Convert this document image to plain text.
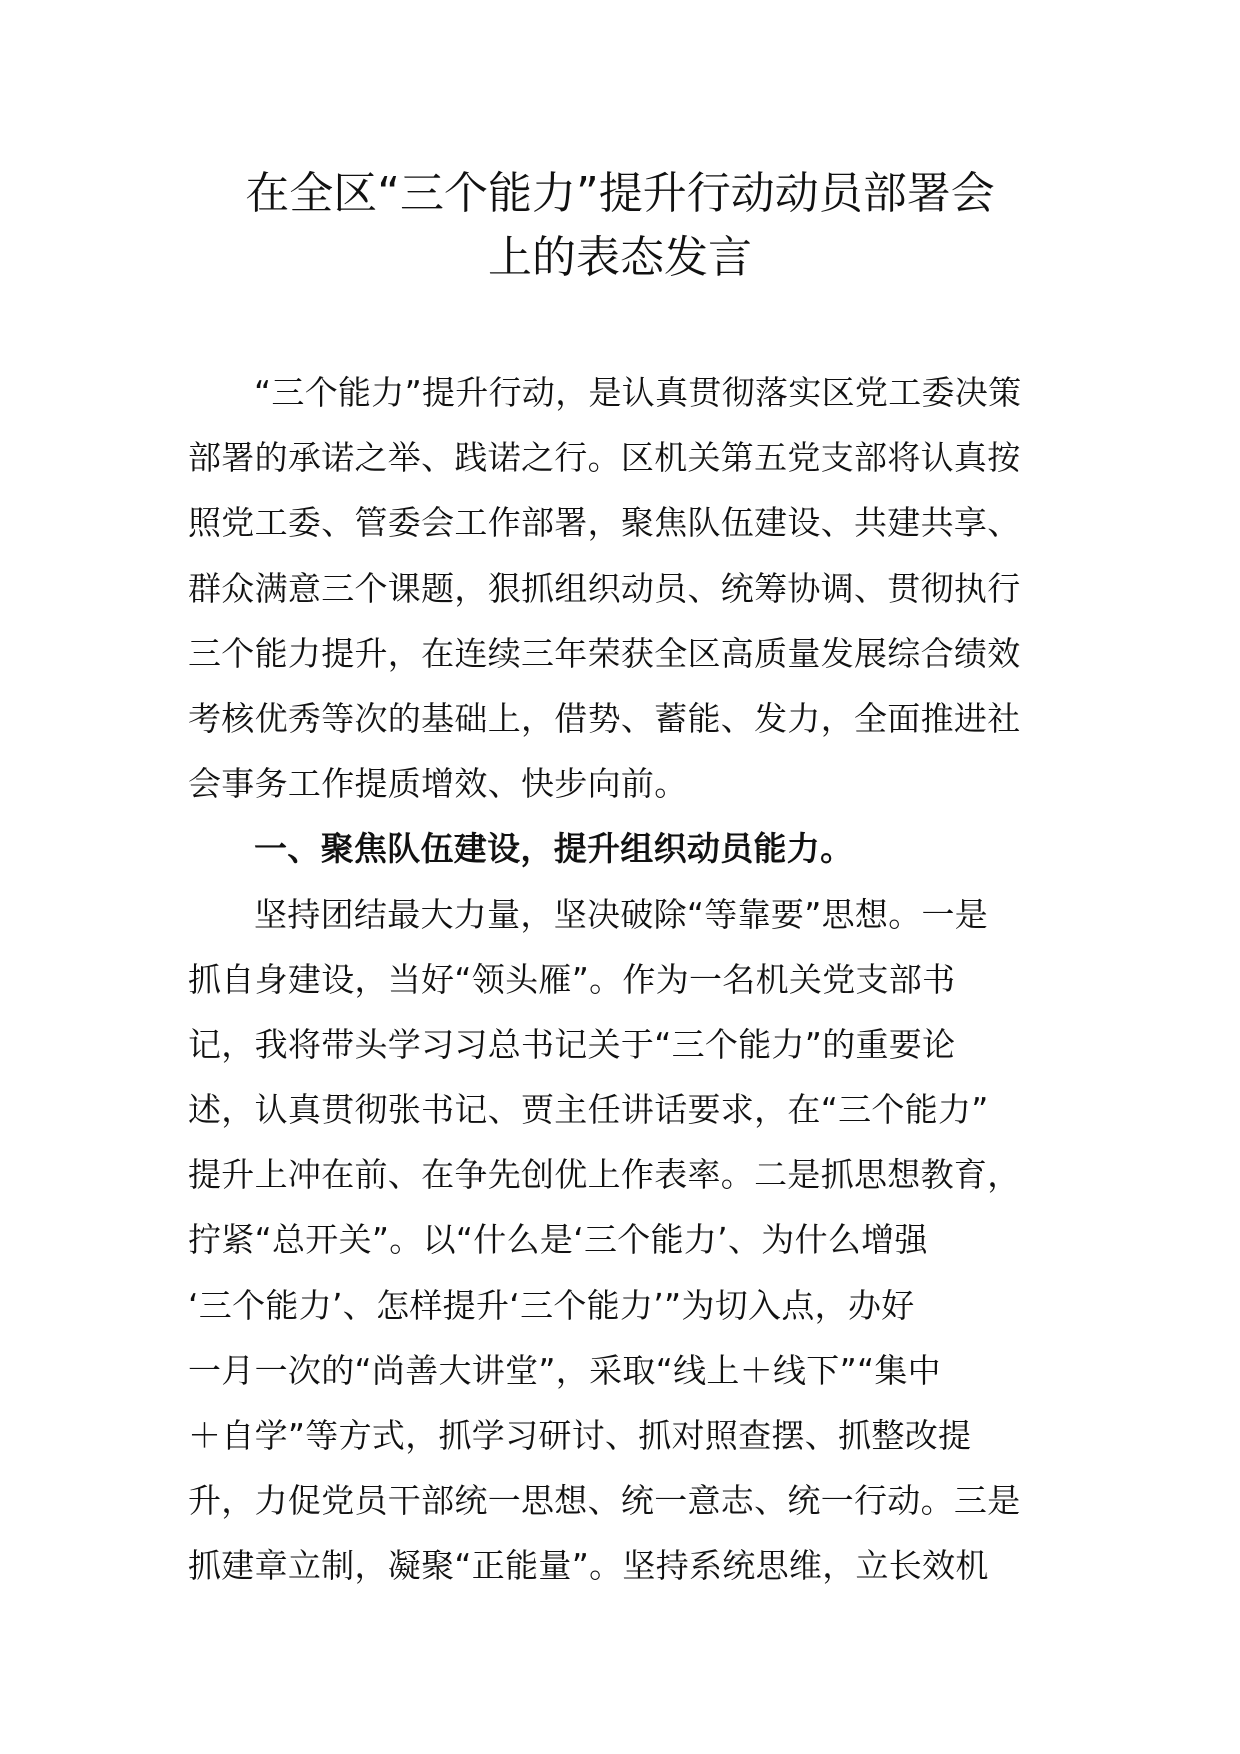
在全区“三个能力”提升行动动员部署会
上的表态发言
“三个能力”提升行动，是认真贯彻落实区党工委决策
部署的承诺之举、践诺之行。区机关第五党支部将认真按
照党工委、管委会工作部署，聚焦队伍建设、共建共享、
群众满意三个课题，狠抓组织动员、统筹协调、贯彻执行
三个能力提升，在连续三年荣获全区高质量发展综合绩效
考核优秀等次的基础上，借势、蓄能、发力，全面推进社
会事务工作提质增效、快步向前。
一、聚焦队伍建设，提升组织动员能力。
坚持团结最大力量，坚决破除“等靠要”思想。一是
抓自身建设，当好“领头雁”。作为一名机关党支部书
记，我将带头学习习总书记关于“三个能力”的重要论
述，认真贯彻张书记、贾主任讲话要求，在“三个能力”
提升上冲在前、在争先创优上作表率。二是抓思想教育，
拧紧“总开关”。以“什么是‘三个能力’、为什么增强
‘三个能力’、怎样提升‘三个能力’”为切入点，办好
一月一次的“尚善大讲堂”，采取“线上＋线下”“集中
＋自学”等方式，抓学习研讨、抓对照查摆、抓整改提
升，力促党员干部统一思想、统一意志、统一行动。三是
抓建章立制，凝聚“正能量”。坚持系统思维，立长效机
